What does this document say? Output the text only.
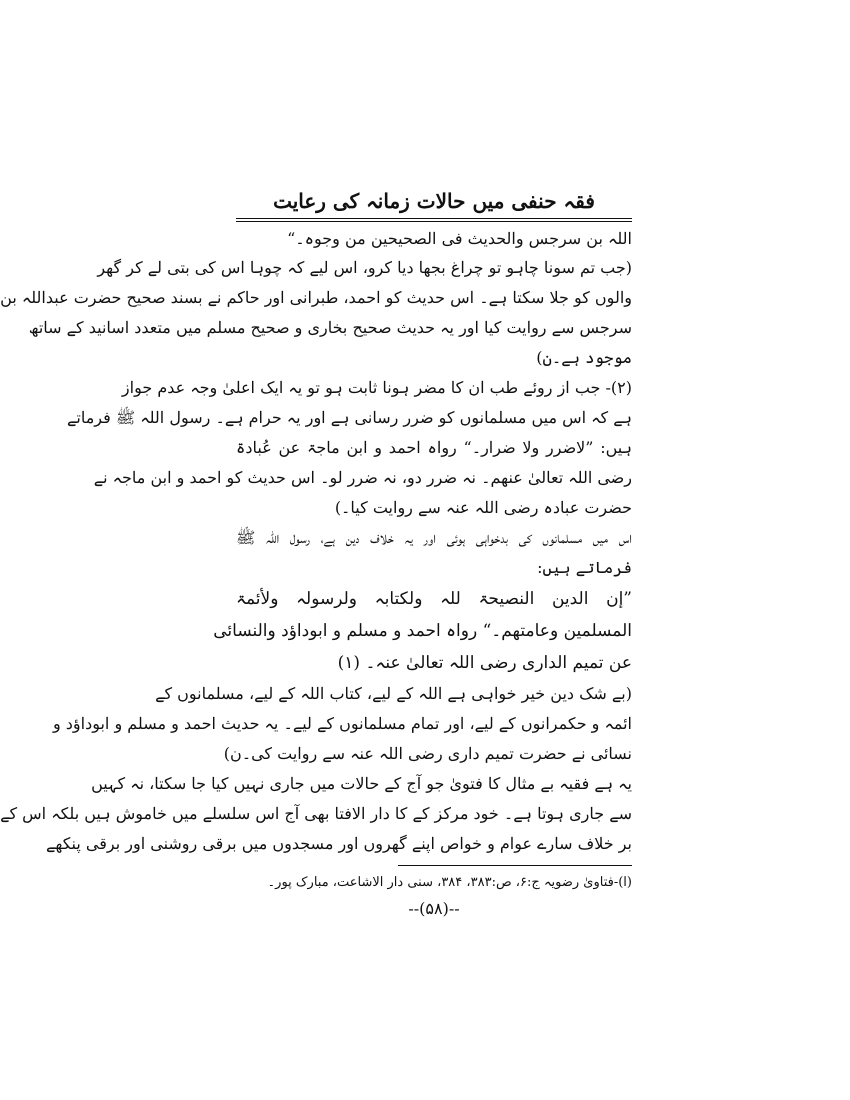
فقہ حنفی میں حالات زمانہ کی رعایت
اللہ بن سرجس والحدیث فی الصحیحین من وجوہ۔“
(جب تم سونا چاہو تو چراغ بجھا دیا کرو، اس لیے کہ چوہا اس کی بتی لے کر گھر
والوں کو جلا سکتا ہے۔ اس حدیث کو احمد، طبرانی اور حاکم نے بسند صحیح حضرت عبداللہ بن
سرجس سے روایت کیا اور یہ حدیث صحیح بخاری و صحیح مسلم میں متعدد اسانید کے ساتھ
موجود ہے۔ن)
(۲)- جب از روئے طب ان کا مضر ہونا ثابت ہو تو یہ ایک اعلیٰ وجہ عدم جواز
ہے کہ اس میں مسلمانوں کو ضرر رسانی ہے اور یہ حرام ہے۔ رسول اللہ ﷺ فرماتے
ہیں: ”لاضرر ولا ضرار۔“ رواہ احمد و ابن ماجۃ عن عُبادۃ
رضی اللہ تعالیٰ عنھم۔ نہ ضرر دو، نہ ضرر لو۔ اس حدیث کو احمد و ابن ماجہ نے
حضرت عبادہ رضی اللہ عنہ سے روایت کیا۔)
اس میں مسلمانوں کی بدخواہی ہوئی اور یہ خلاف دین ہے، رسول اللہ ﷺ
فرماتے ہیں:
”إن الدین النصیحۃ للہ ولکتابہ ولرسولہ ولأئمۃ
المسلمین وعامتھم۔“ رواہ احمد و مسلم و ابوداؤد والنسائی
عن تمیم الداری رضی اللہ تعالیٰ عنہ۔ (۱)
(بے شک دین خیر خواہی ہے اللہ کے لیے، کتاب اللہ کے لیے، مسلمانوں کے
ائمہ و حکمرانوں کے لیے، اور تمام مسلمانوں کے لیے۔ یہ حدیث احمد و مسلم و ابوداؤد و
نسائی نے حضرت تمیم داری رضی اللہ عنہ سے روایت کی۔ن)
یہ ہے فقیہ بے مثال کا فتویٰ جو آج کے حالات میں جاری نہیں کیا جا سکتا، نہ کہیں
سے جاری ہوتا ہے۔ خود مرکز کے کا دار الافتا بھی آج اس سلسلے میں خاموش ہیں بلکہ اس کے
بر خلاف سارے عوام و خواص اپنے گھروں اور مسجدوں میں برقی روشنی اور برقی پنکھے
(ا)-فتاویٰ رضویہ ج:۶، ص:۳۸۳، ۳۸۴، سنی دار الاشاعت، مبارک پور۔
--(۵۸)--
